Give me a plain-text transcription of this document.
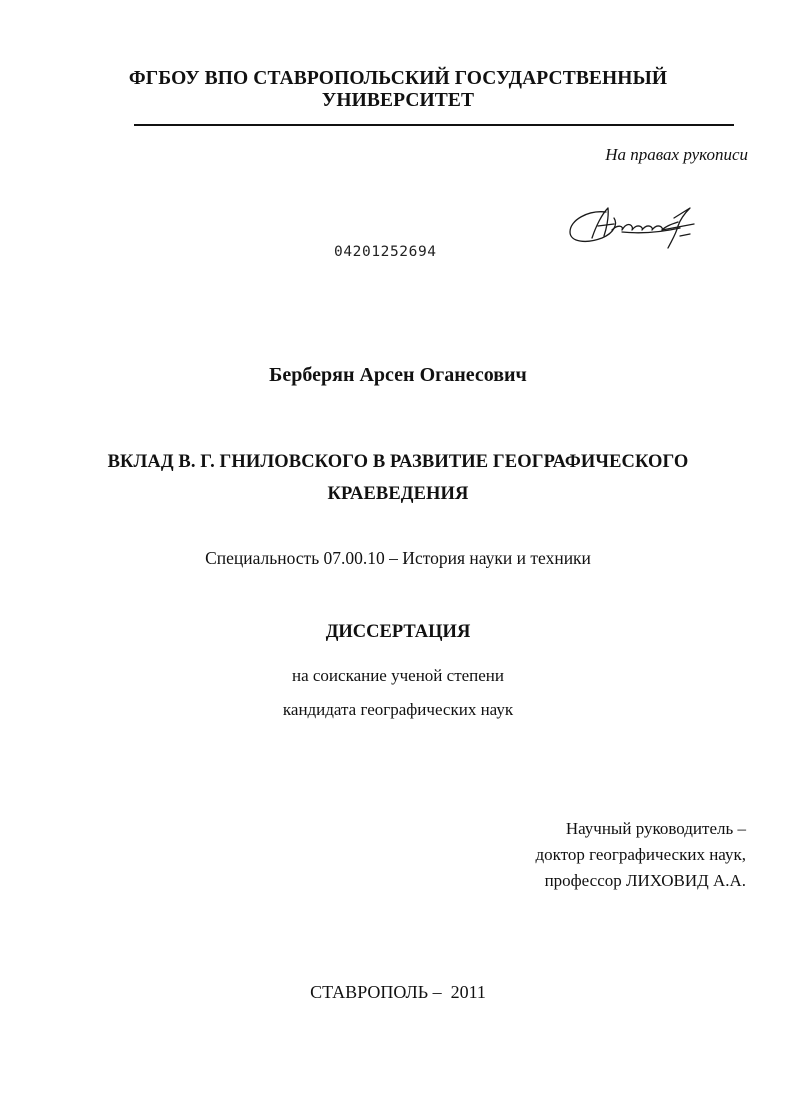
ФГБОУ ВПО СТАВРОПОЛЬСКИЙ ГОСУДАРСТВЕННЫЙ
УНИВЕРСИТЕТ
На правах рукописи
04201252694
Берберян Арсен Оганесович
ВКЛАД В. Г. ГНИЛОВСКОГО В РАЗВИТИЕ ГЕОГРАФИЧЕСКОГО
КРАЕВЕДЕНИЯ
Специальность 07.00.10 – История науки и техники
ДИССЕРТАЦИЯ
на соискание ученой степени
кандидата географических наук
Научный руководитель –
доктор географических наук,
профессор ЛИХОВИД А.А.
СТАВРОПОЛЬ –  2011
